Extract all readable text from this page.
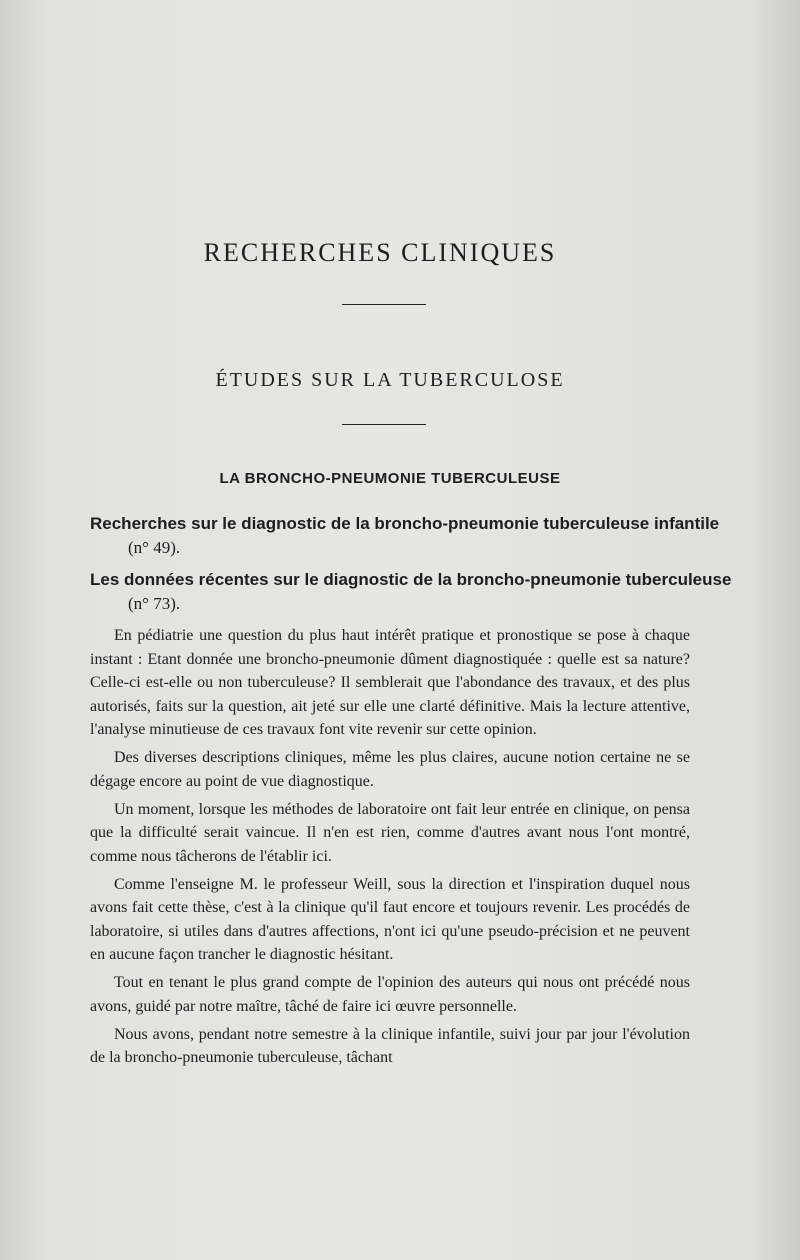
RECHERCHES CLINIQUES
ÉTUDES SUR LA TUBERCULOSE
LA BRONCHO-PNEUMONIE TUBERCULEUSE
Recherches sur le diagnostic de la broncho-pneumonie tuberculeuse infantile (n° 49).
Les données récentes sur le diagnostic de la broncho-pneumonie tuberculeuse (n° 73).

En pédiatrie une question du plus haut intérêt pratique et pronostique se pose à chaque instant : Etant donnée une broncho-pneumonie dûment diagnostiquée : quelle est sa nature? Celle-ci est-elle ou non tuberculeuse? Il semblerait que l'abondance des travaux, et des plus autorisés, faits sur la question, ait jeté sur elle une clarté définitive. Mais la lecture attentive, l'analyse minutieuse de ces travaux font vite revenir sur cette opinion.

Des diverses descriptions cliniques, même les plus claires, aucune notion certaine ne se dégage encore au point de vue diagnostique.

Un moment, lorsque les méthodes de laboratoire ont fait leur entrée en clinique, on pensa que la difficulté serait vaincue. Il n'en est rien, comme d'autres avant nous l'ont montré, comme nous tâcherons de l'établir ici.

Comme l'enseigne M. le professeur Weill, sous la direction et l'inspiration duquel nous avons fait cette thèse, c'est à la clinique qu'il faut encore et toujours revenir. Les procédés de laboratoire, si utiles dans d'autres affections, n'ont ici qu'une pseudo-précision et ne peuvent en aucune façon trancher le diagnostic hésitant.

Tout en tenant le plus grand compte de l'opinion des auteurs qui nous ont précédé nous avons, guidé par notre maître, tâché de faire ici œuvre personnelle.

Nous avons, pendant notre semestre à la clinique infantile, suivi jour par jour l'évolution de la broncho-pneumonie tuberculeuse, tâchant
